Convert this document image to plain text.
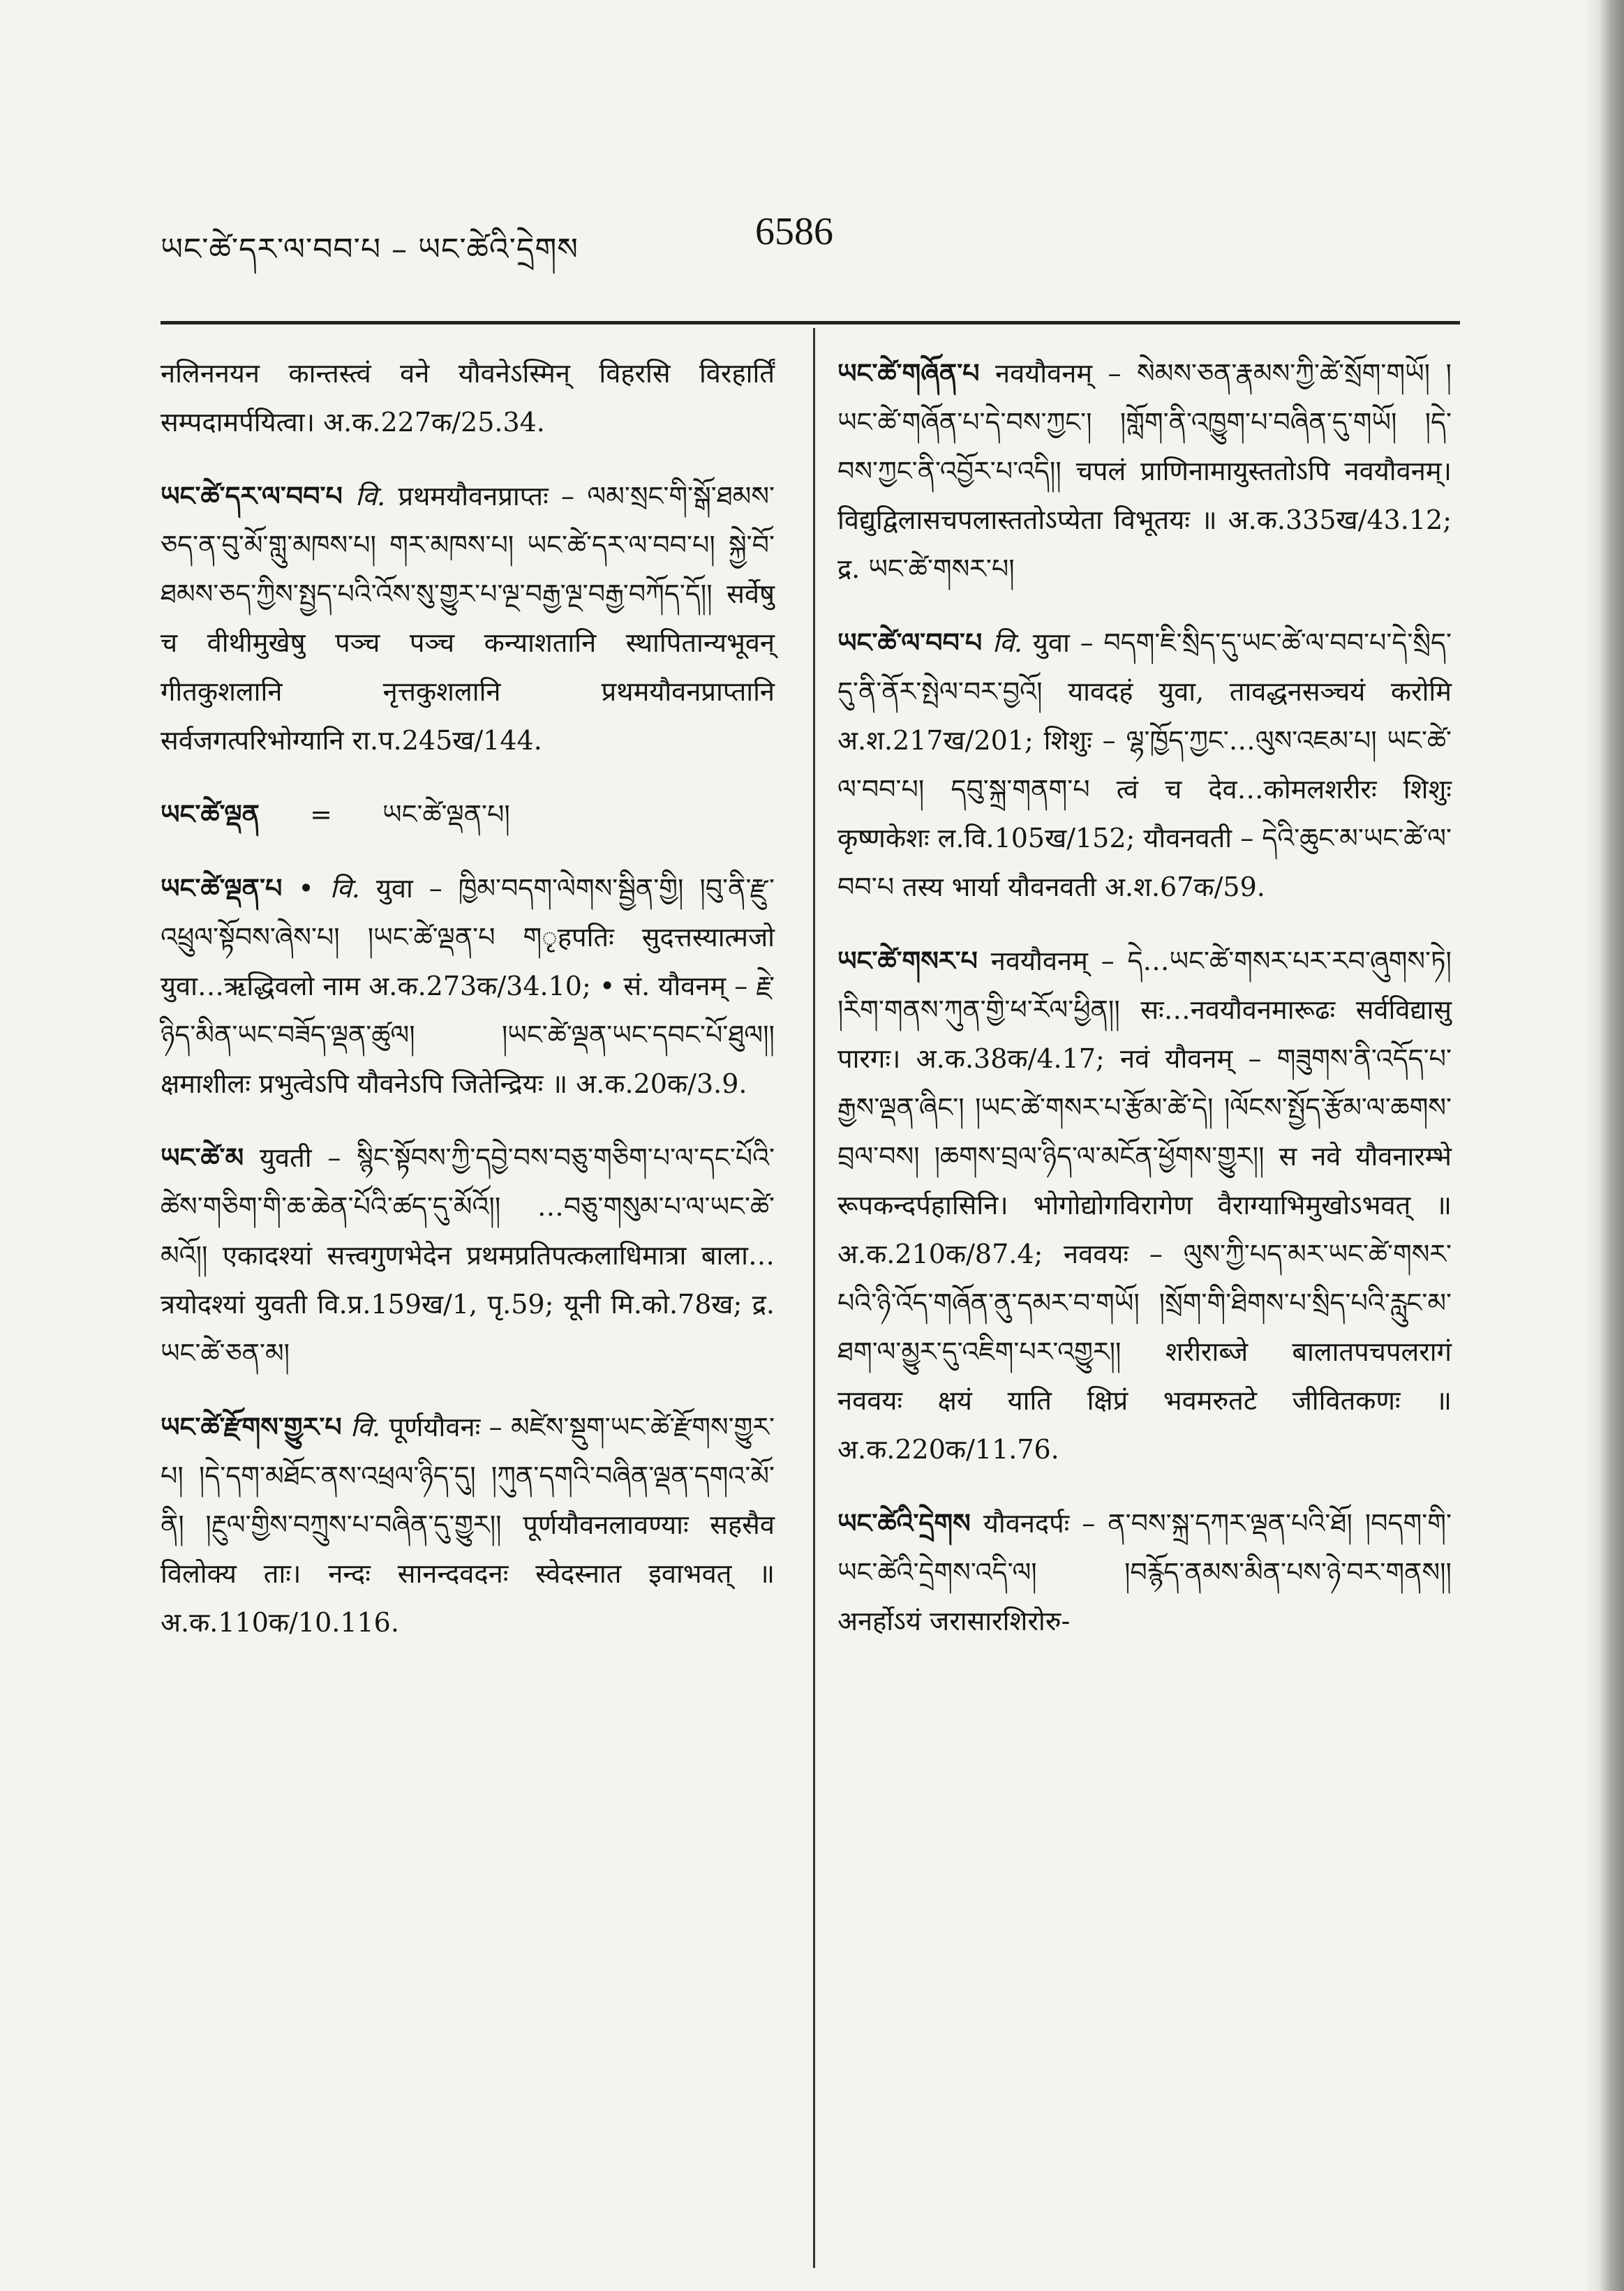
ཡང་ཚེ་དར་ལ་བབ་པ – ཡང་ཚེའི་དྲེགས	6586

नलिननयन कान्तस्त्वं वने यौवनेऽस्मिन् विहरसि विरहार्तिं सम्पदामर्पयित्वा। अ.क.227क/25.34.

ཡང་ཚེ་དར་ལ་བབ་པ वि. प्रथमयौवनप्राप्तः – ལམ་སྲང་གི་སྒོ་ཐམས་ཅད་ན་བུ་མོ་གླུ་མཁས་པ། གར་མཁས་པ། ཡང་ཚེ་དར་ལ་བབ་པ། སྐྱེ་བོ་ཐམས་ཅད་ཀྱིས་སྤྱད་པའི་འོས་སུ་གྱུར་པ་ལྔ་བརྒྱ་ལྔ་བརྒྱ་བཀོད་དོ།། सर्वेषु च वीथीमुखेषु पञ्च पञ्च कन्याशतानि स्थापितान्यभूवन् गीतकुशलानि नृत्तकुशलानि प्रथमयौवनप्राप्तानि सर्वजगत्परिभोग्यानि रा.प.245ख/144.

ཡང་ཚེ་ལྡན = ཡང་ཚེ་ལྡན་པ།

ཡང་ཚེ་ལྡན་པ • वि. युवा – ཁྱིམ་བདག་ལེགས་སྦྱིན་གྱི། །བུ་ནི་རྫུ་འཕྲུལ་སྟོབས་ཞེས་པ། །ཡང་ཚེ་ལྡན་པ གृहपतिः सुदत्तस्यात्मजो युवा…ऋद्धिवलो नाम अ.क.273क/34.10; • सं. यौवनम् – རྗེ་ཉིད་མིན་ཡང་བཟོད་ལྡན་ཚུལ། །ཡང་ཚེ་ལྡན་ཡང་དབང་པོ་ཐུལ།། क्षमाशीलः प्रभुत्वेऽपि यौवनेऽपि जितेन्द्रियः ॥ अ.क.20क/3.9.

ཡང་ཚེ་མ युवती – སྙིང་སྟོབས་ཀྱི་དབྱེ་བས་བཅུ་གཅིག་པ་ལ་དང་པོའི་ཚེས་གཅིག་གི་ཆ་ཆེན་པོའི་ཚད་དུ་མོའོ།། …བཅུ་གསུམ་པ་ལ་ཡང་ཚེ་མའོ།། एकादश्यां सत्त्वगुणभेदेन प्रथमप्रतिपत्कलाधिमात्रा बाला… त्रयोदश्यां युवती वि.प्र.159ख/1, पृ.59; यूनी मि.को.78ख; द्र. ཡང་ཚེ་ཅན་མ།

ཡང་ཚེ་རྫོགས་གྱུར་པ वि. पूर्णयौवनः – མཛེས་སྡུག་ཡང་ཚེ་རྫོགས་གྱུར་པ། །དེ་དག་མཐོང་ནས་འཕྲལ་ཉིད་དུ། །ཀུན་དགའི་བཞིན་ལྡན་དགའ་མོ་ནི། །རྔུལ་གྱིས་བཀྲུས་པ་བཞིན་དུ་གྱུར།། पूर्णयौवनलावण्याः सहसैव विलोक्य ताः। नन्दः सानन्दवदनः स्वेदस्नात इवाभवत् ॥ अ.क.110क/10.116.

ཡང་ཚེ་གཞོན་པ नवयौवनम् – སེམས་ཅན་རྣམས་ཀྱི་ཚེ་སྲོག་གཡོ། །ཡང་ཚེ་གཞོན་པ་དེ་བས་ཀྱང་། །གློག་ནི་འཁྱུག་པ་བཞིན་དུ་གཡོ། །དེ་བས་ཀྱང་ནི་འབྱོར་པ་འདི།། चपलं प्राणिनामायुस्ततोऽपि नवयौवनम्। विद्युद्विलासचपलास्ततोऽप्येता विभूतयः ॥ अ.क.335ख/43.12; द्र. ཡང་ཚེ་གསར་པ།

ཡང་ཚེ་ལ་བབ་པ वि. युवा – བདག་ཇི་སྲིད་དུ་ཡང་ཚེ་ལ་བབ་པ་དེ་སྲིད་དུ་ནི་ནོར་སྤེལ་བར་བྱའོ། यावदहं युवा, तावद्धनसञ्चयं करोमि अ.श.217ख/201; शिशुः – ལྷ་ཁྱོད་ཀྱང་…ལུས་འཇམ་པ། ཡང་ཚེ་ལ་བབ་པ། དབུ་སྐྲ་གནག་པ त्वं च देव…कोमलशरीरः शिशुः कृष्णकेशः ल.वि.105ख/152; यौवनवती – དེའི་ཆུང་མ་ཡང་ཚེ་ལ་བབ་པ तस्य भार्या यौवनवती अ.श.67क/59.

ཡང་ཚེ་གསར་པ नवयौवनम् – དེ…ཡང་ཚེ་གསར་པར་རབ་ཞུགས་ཏེ། །རིག་གནས་ཀུན་གྱི་ཕ་རོལ་ཕྱིན།། सः…नवयौवनमारूढः सर्वविद्यासु पारगः। अ.क.38क/4.17; नवं यौवनम् – གཟུགས་ནི་འདོད་པ་རྒྱས་ལྡན་ཞིང་། །ཡང་ཚེ་གསར་པ་རྩོམ་ཚེ་དེ། །ལོངས་སྤྱོད་རྩོམ་ལ་ཆགས་བྲལ་བས། །ཆགས་བྲལ་ཉིད་ལ་མངོན་ཕྱོགས་གྱུར།། स नवे यौवनारम्भे रूपकन्दर्पहासिनि। भोगोद्योगविरागेण वैराग्याभिमुखोऽभवत् ॥ अ.क.210क/87.4; नववयः – ལུས་ཀྱི་པད་མར་ཡང་ཚེ་གསར་པའི་ཉི་འོད་གཞོན་ནུ་དམར་བ་གཡོ། །སྲོག་གི་ཐིགས་པ་སྲིད་པའི་རླུང་མ་ཐག་ལ་མྱུར་དུ་འཇིག་པར་འགྱུར།། शरीराब्जे बालातपचपलरागं नववयः क्षयं याति क्षिप्रं भवमरुतटे जीवितकणः ॥ अ.क.220क/11.76.

ཡང་ཚེའི་དྲེགས यौवनदर्पः – ན་བས་སྐྲ་དཀར་ལྡན་པའི་ཐོ། །བདག་གི་ཡང་ཚེའི་དྲེགས་འདི་ལ། །བརྙོད་ནམས་མིན་པས་ཉེ་བར་གནས།། अनर्होऽयं जरासारशिरोरु-
